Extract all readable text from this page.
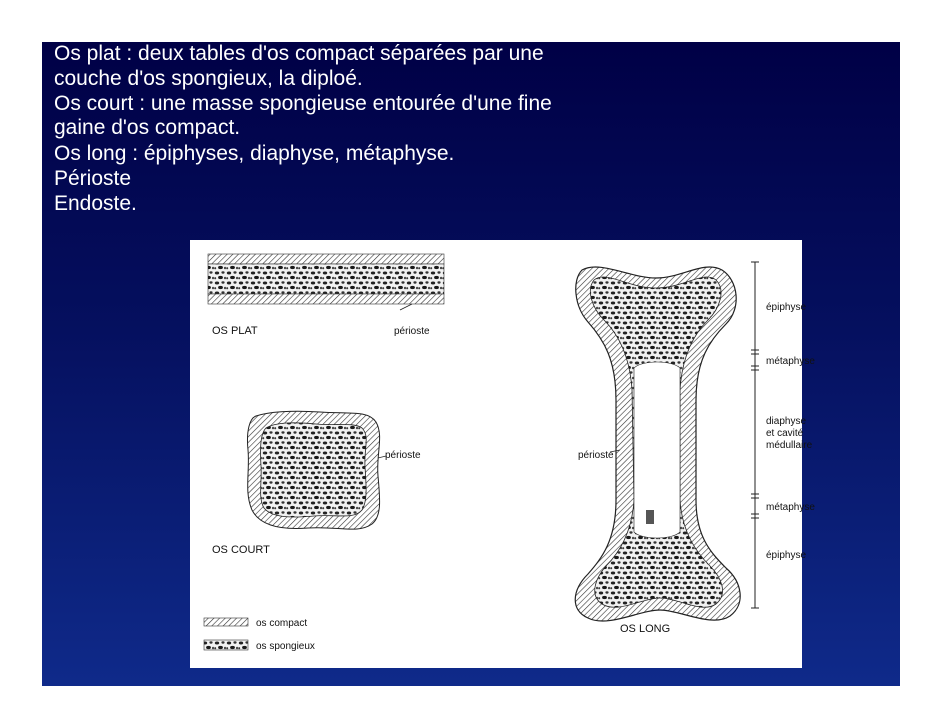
Os plat : deux tables d'os compact séparées par une
couche d'os spongieux, la diploé.
Os court : une masse spongieuse entourée d'une fine
gaine d'os compact.
Os long : épiphyses, diaphyse, métaphyse.
Périoste
Endoste.
OS PLAT	périoste
périoste
OS COURT
périoste
OS LONG
épiphyse
métaphyse
diaphyse
et cavité
médullaire
métaphyse
épiphyse
os compact
os spongieux
